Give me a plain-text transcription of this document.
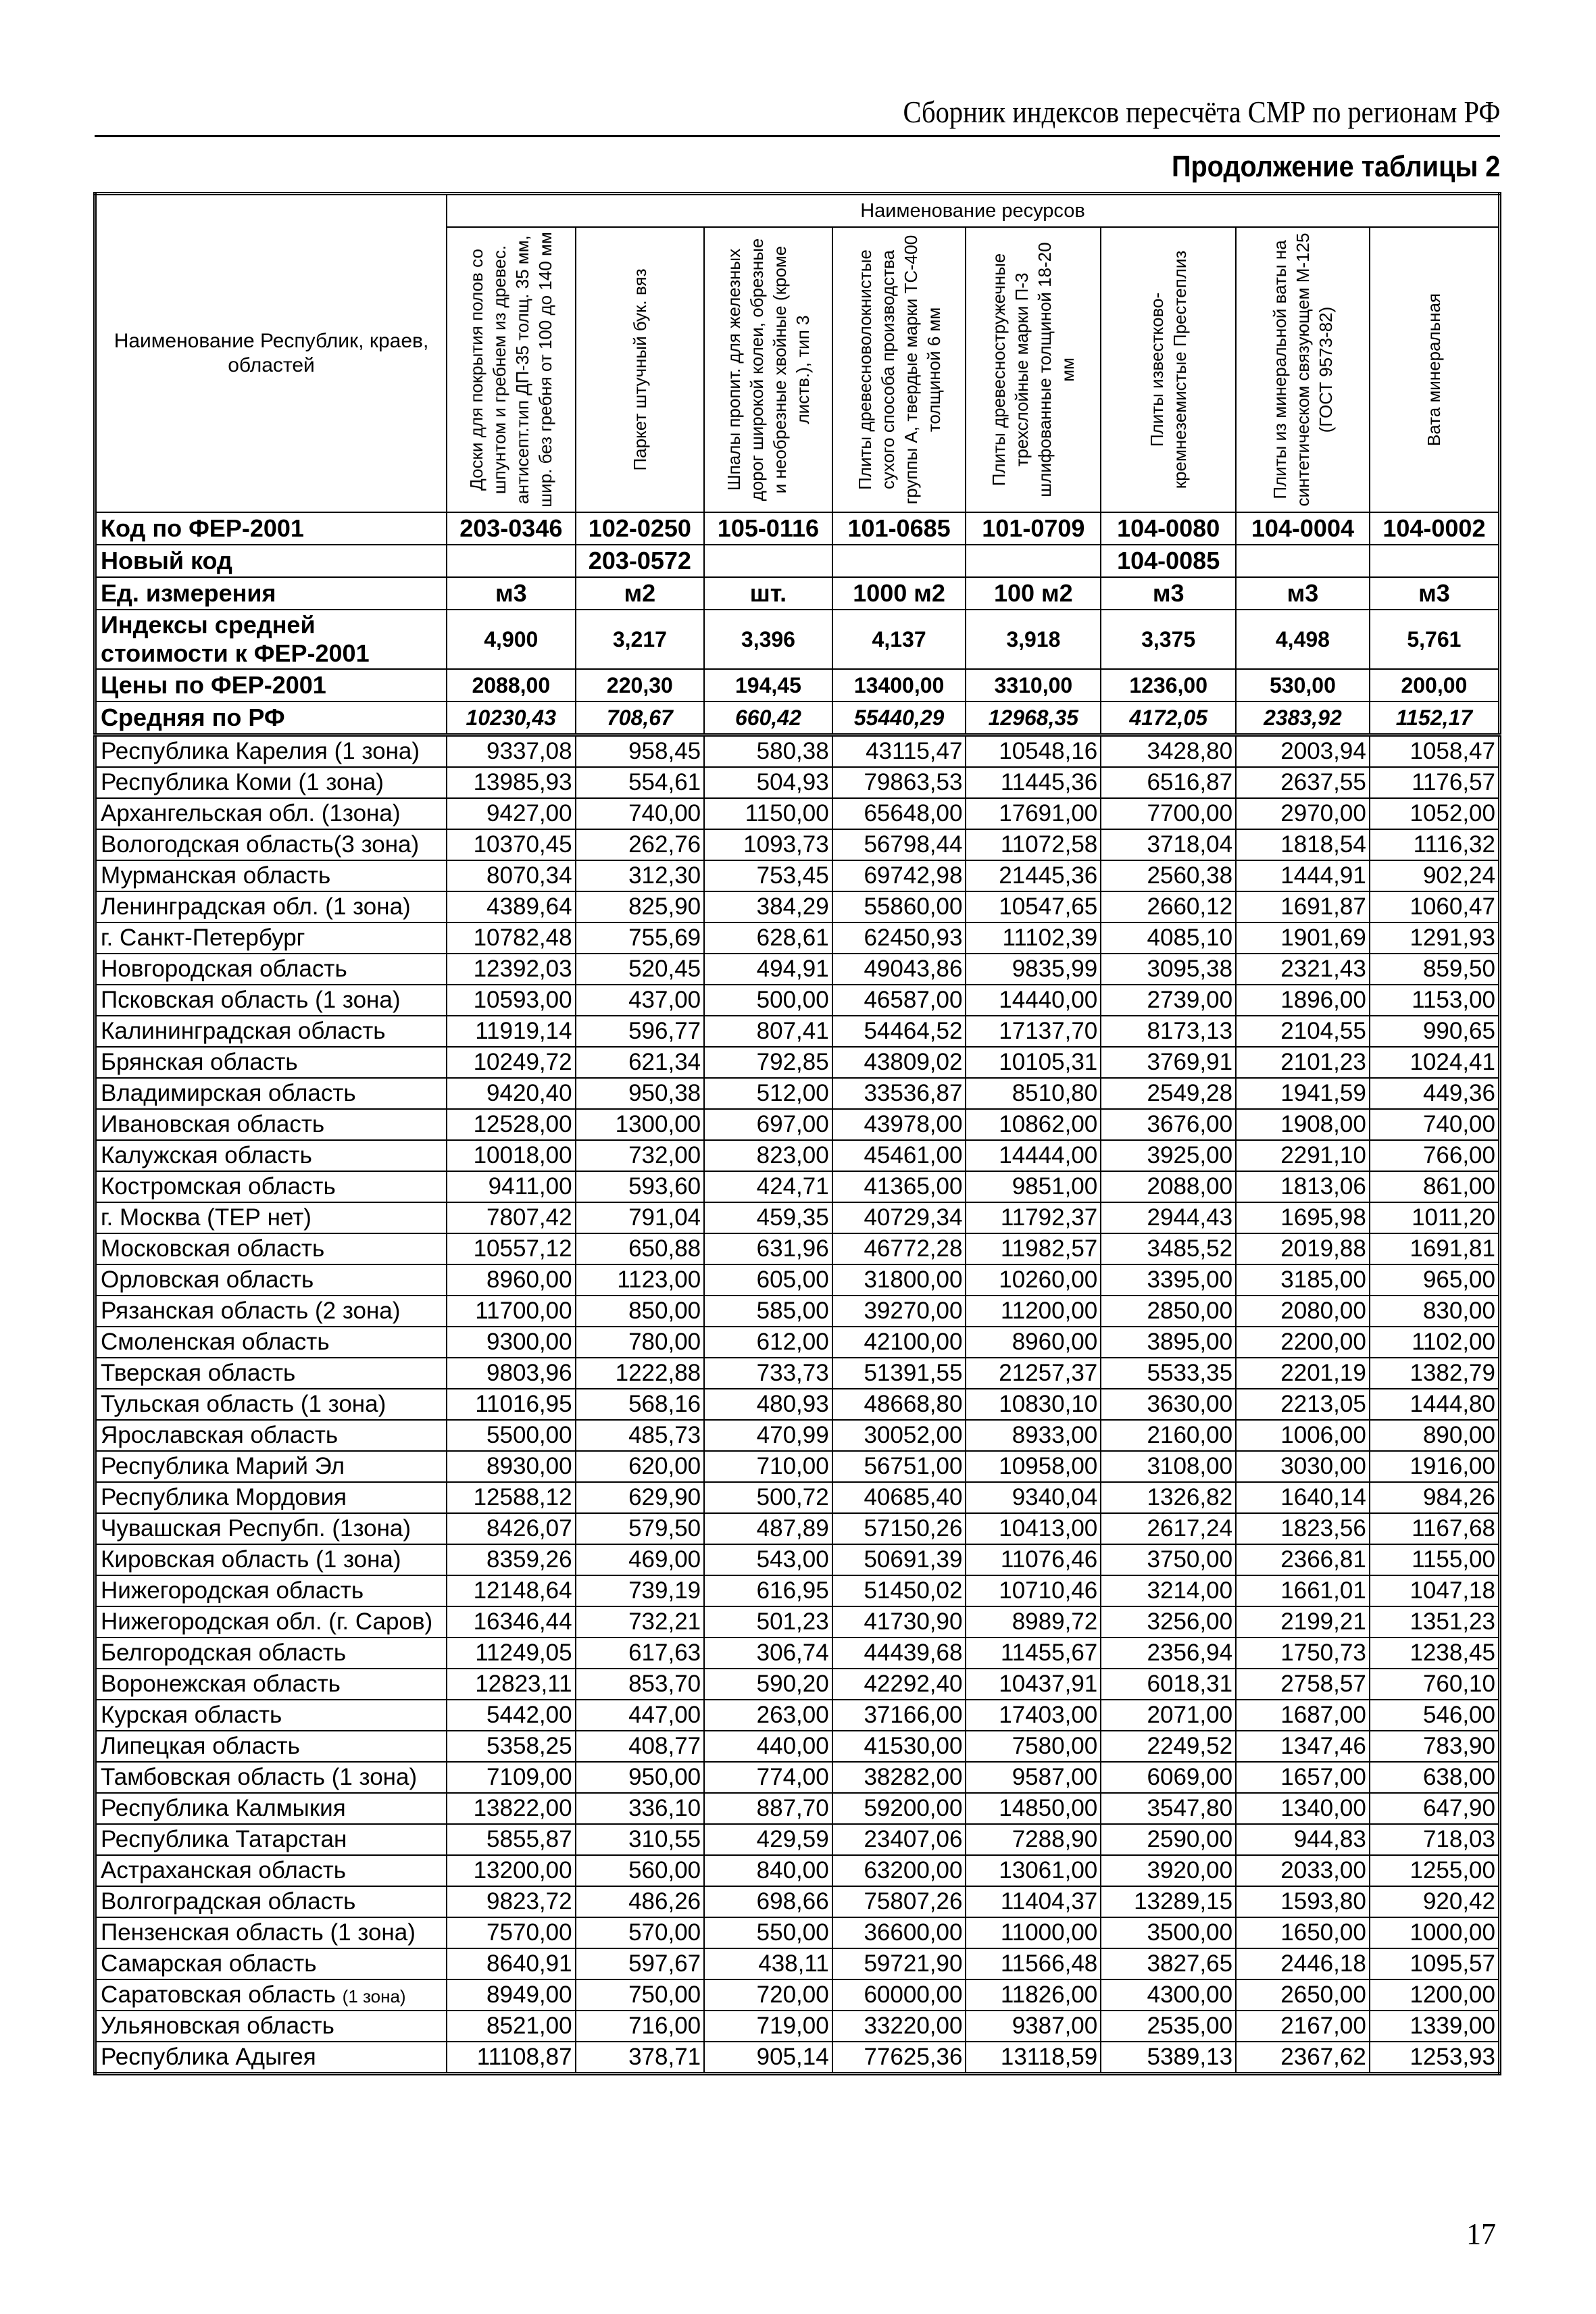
Сборник индексов пересчёта СМР по регионам РФ
Продолжение таблицы 2
Наименование Республик, краев, областей	Наименование ресурсов							

	Доски для покрытия полов со шпунтом и гребнем из древес. антисепт.тип ДП-35 толщ. 35 мм, шир. без гребня от 100 до 140 мм	Паркет штучный бук. вяз	Шпалы пропит. для железных дорог широкой колеи, обрезные и необрезные хвойные (кроме листв.), тип 3	Плиты древесноволокнистые сухого способа производства группы А, твердые марки ТС-400 толщиной 6 мм	Плиты древесностружечные трехслойные марки П-3 шлифованные толщиной 18-20 мм	Плиты известково-кремнеземистые Престеплиз	Плиты из минеральной ваты на синтетическом связующем М-125 (ГОСТ 9573-82)	Вата минеральная

Код по ФЕР-2001	203-0346	102-0250	105-0116	101-0685	101-0709	104-0080	104-0004	104-0002
Новый код		203-0572				104-0085		
Ед. измерения	м3	м2	шт.	1000 м2	100 м2	м3	м3	м3
Индексы средней стоимости к ФЕР-2001	4,900	3,217	3,396	4,137	3,918	3,375	4,498	5,761
Цены по ФЕР-2001	2088,00	220,30	194,45	13400,00	3310,00	1236,00	530,00	200,00
Средняя по РФ	10230,43	708,67	660,42	55440,29	12968,35	4172,05	2383,92	1152,17
Республика Карелия (1 зона)	9337,08	958,45	580,38	43115,47	10548,16	3428,80	2003,94	1058,47
Республика Коми (1 зона)	13985,93	554,61	504,93	79863,53	11445,36	6516,87	2637,55	1176,57
Архангельская обл. (1зона)	9427,00	740,00	1150,00	65648,00	17691,00	7700,00	2970,00	1052,00
Вологодская область(3 зона)	10370,45	262,76	1093,73	56798,44	11072,58	3718,04	1818,54	1116,32
Мурманская область	8070,34	312,30	753,45	69742,98	21445,36	2560,38	1444,91	902,24
Ленинградская обл. (1 зона)	4389,64	825,90	384,29	55860,00	10547,65	2660,12	1691,87	1060,47
г. Санкт-Петербург	10782,48	755,69	628,61	62450,93	11102,39	4085,10	1901,69	1291,93
Новгородская область	12392,03	520,45	494,91	49043,86	9835,99	3095,38	2321,43	859,50
Псковская область (1 зона)	10593,00	437,00	500,00	46587,00	14440,00	2739,00	1896,00	1153,00
Калининградская область	11919,14	596,77	807,41	54464,52	17137,70	8173,13	2104,55	990,65
Брянская область	10249,72	621,34	792,85	43809,02	10105,31	3769,91	2101,23	1024,41
Владимирская область	9420,40	950,38	512,00	33536,87	8510,80	2549,28	1941,59	449,36
Ивановская область	12528,00	1300,00	697,00	43978,00	10862,00	3676,00	1908,00	740,00
Калужская область	10018,00	732,00	823,00	45461,00	14444,00	3925,00	2291,10	766,00
Костромская область	9411,00	593,60	424,71	41365,00	9851,00	2088,00	1813,06	861,00
г. Москва (ТЕР нет)	7807,42	791,04	459,35	40729,34	11792,37	2944,43	1695,98	1011,20
Московская область	10557,12	650,88	631,96	46772,28	11982,57	3485,52	2019,88	1691,81
Орловская область	8960,00	1123,00	605,00	31800,00	10260,00	3395,00	3185,00	965,00
Рязанская область (2 зона)	11700,00	850,00	585,00	39270,00	11200,00	2850,00	2080,00	830,00
Смоленская область	9300,00	780,00	612,00	42100,00	8960,00	3895,00	2200,00	1102,00
Тверская область	9803,96	1222,88	733,73	51391,55	21257,37	5533,35	2201,19	1382,79
Тульская область (1 зона)	11016,95	568,16	480,93	48668,80	10830,10	3630,00	2213,05	1444,80
Ярославская область	5500,00	485,73	470,99	30052,00	8933,00	2160,00	1006,00	890,00
Республика Марий Эл	8930,00	620,00	710,00	56751,00	10958,00	3108,00	3030,00	1916,00
Республика Мордовия	12588,12	629,90	500,72	40685,40	9340,04	1326,82	1640,14	984,26
Чувашская Респубп. (1зона)	8426,07	579,50	487,89	57150,26	10413,00	2617,24	1823,56	1167,68
Кировская область (1 зона)	8359,26	469,00	543,00	50691,39	11076,46	3750,00	2366,81	1155,00
Нижегородская область	12148,64	739,19	616,95	51450,02	10710,46	3214,00	1661,01	1047,18
Нижегородская обл. (г. Саров)	16346,44	732,21	501,23	41730,90	8989,72	3256,00	2199,21	1351,23
Белгородская область	11249,05	617,63	306,74	44439,68	11455,67	2356,94	1750,73	1238,45
Воронежская область	12823,11	853,70	590,20	42292,40	10437,91	6018,31	2758,57	760,10
Курская область	5442,00	447,00	263,00	37166,00	17403,00	2071,00	1687,00	546,00
Липецкая область	5358,25	408,77	440,00	41530,00	7580,00	2249,52	1347,46	783,90
Тамбовская область (1 зона)	7109,00	950,00	774,00	38282,00	9587,00	6069,00	1657,00	638,00
Республика Калмыкия	13822,00	336,10	887,70	59200,00	14850,00	3547,80	1340,00	647,90
Республика Татарстан	5855,87	310,55	429,59	23407,06	7288,90	2590,00	944,83	718,03
Астраханская область	13200,00	560,00	840,00	63200,00	13061,00	3920,00	2033,00	1255,00
Волгоградская область	9823,72	486,26	698,66	75807,26	11404,37	13289,15	1593,80	920,42
Пензенская область (1 зона)	7570,00	570,00	550,00	36600,00	11000,00	3500,00	1650,00	1000,00
Самарская область	8640,91	597,67	438,11	59721,90	11566,48	3827,65	2446,18	1095,57
Саратовская область (1 зона)	8949,00	750,00	720,00	60000,00	11826,00	4300,00	2650,00	1200,00
Ульяновская область	8521,00	716,00	719,00	33220,00	9387,00	2535,00	2167,00	1339,00
Республика Адыгея	11108,87	378,71	905,14	77625,36	13118,59	5389,13	2367,62	1253,93
17
